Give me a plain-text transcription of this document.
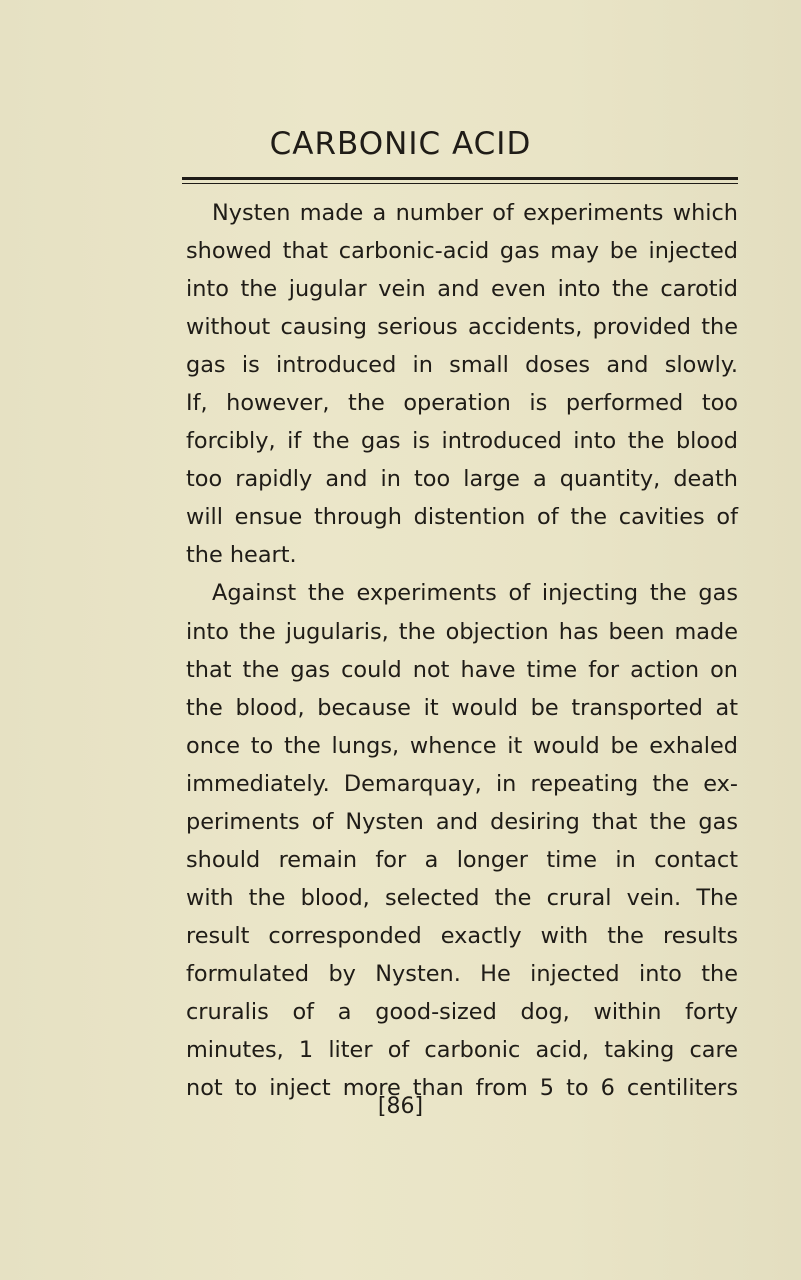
CARBONIC ACID
Nysten made a number of experiments which
showed that carbonic-acid gas may be injected
into the jugular vein and even into the carotid
without causing serious accidents, provided the
gas is introduced in small doses and slowly.
If, however, the operation is performed too
forcibly, if the gas is introduced into the blood
too rapidly and in too large a quantity, death
will ensue through distention of the cavities of
the heart.
Against the experiments of injecting the gas
into the jugularis, the objection has been made
that the gas could not have time for action on
the blood, because it would be transported at
once to the lungs, whence it would be exhaled
immediately. Demarquay, in repeating the ex-
periments of Nysten and desiring that the gas
should remain for a longer time in contact
with the blood, selected the crural vein. The
result corresponded exactly with the results
formulated by Nysten. He injected into the
cruralis of a good-sized dog, within forty
minutes, 1 liter of carbonic acid, taking care
not to inject more than from 5 to 6 centiliters
[86]
